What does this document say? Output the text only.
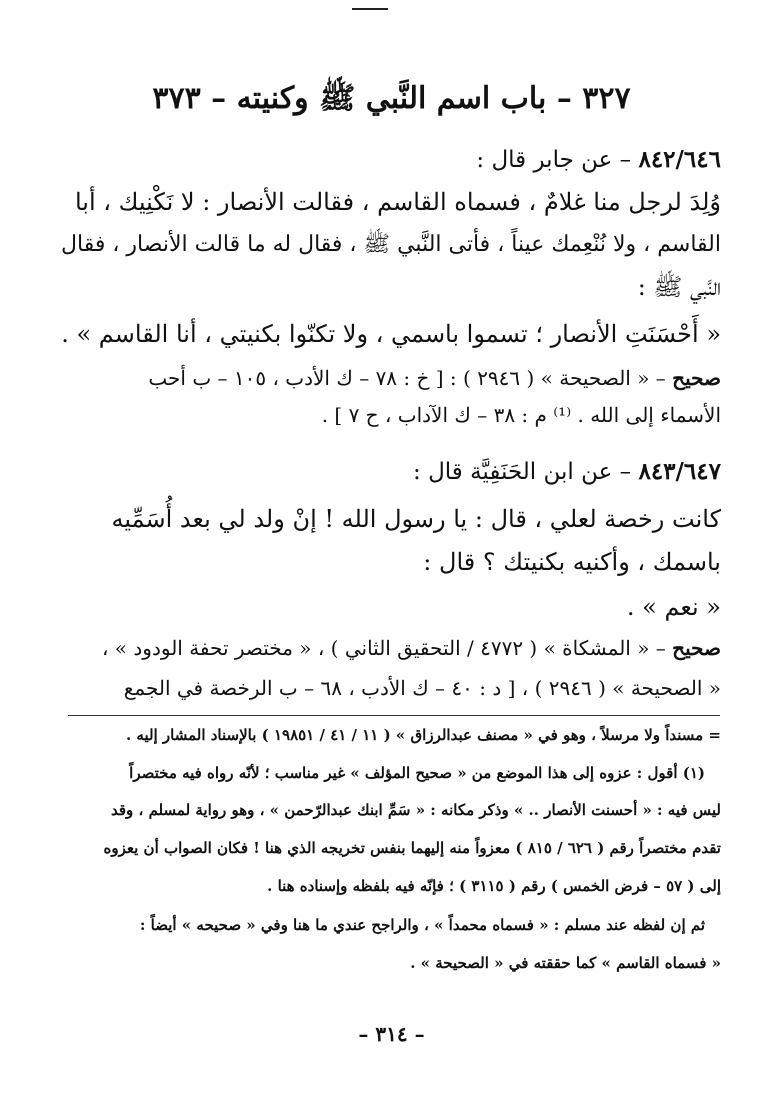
٣٢٧ – باب اسم النَّبي ﷺ وكنيته – ٣٧٣
٨٤٢/٦٤٦ – عن جابر قال :
وُلِدَ لرجل منا غلامٌ ، فسماه القاسم ، فقالت الأنصار : لا نَكْنِيك ، أبا
القاسم ، ولا نُنْعِمك عيناً ، فأتى النَّبي ﷺ ، فقال له ما قالت الأنصار ، فقال
النَّبي ﷺ :
« أَحْسَنَتِ الأنصار ؛ تسموا باسمي ، ولا تكنّوا بكنيتي ، أنا القاسم » .
صحيح – « الصحيحة » ( ٢٩٤٦ ) : [ خ : ٧٨ – ك الأدب ، ١٠٥ – ب أحب
الأسماء إلى الله . ⁽¹⁾ م : ٣٨ – ك الآداب ، ح ٧ ] .
٨٤٣/٦٤٧ – عن ابن الحَنَفِيَّة قال :
كانت رخصة لعلي ، قال : يا رسول الله ! إنْ ولد لي بعد أُسَمِّيه
باسمك ، وأكنيه بكنيتك ؟ قال :
« نعم » .
صحيح – « المشكاة » ( ٤٧٧٢ / التحقيق الثاني ) ، « مختصر تحفة الودود » ،
« الصحيحة » ( ٢٩٤٦ ) ، [ د : ٤٠ – ك الأدب ، ٦٨ – ب الرخصة في الجمع
= مسنداً ولا مرسلاً ، وهو في « مصنف عبدالرزاق » ( ١١ / ٤١ / ١٩٨٥١ ) بالإسناد المشار إليه .
(١) أقول : عزوه إلى هذا الموضع من « صحيح المؤلف » غير مناسب ؛ لأنّه رواه فيه مختصراً
ليس فيه : « أحسنت الأنصار .. » وذكر مكانه : « سَمِّ ابنك عبدالرّحمن » ، وهو رواية لمسلم ، وقد
تقدم مختصراً رقم ( ٦٢٦ / ٨١٥ ) معزواً منه إليهما بنفس تخريجه الذي هنا ! فكان الصواب أن يعزوه
إلى ( ٥٧ – فرض الخمس ) رقم ( ٣١١٥ ) ؛ فإنّه فيه بلفظه وإسناده هنا .
ثم إن لفظه عند مسلم : « فسماه محمداً » ، والراجح عندي ما هنا وفي « صحيحه » أيضاً :
« فسماه القاسم » كما حققته في « الصحيحة » .
– ٣١٤ –
